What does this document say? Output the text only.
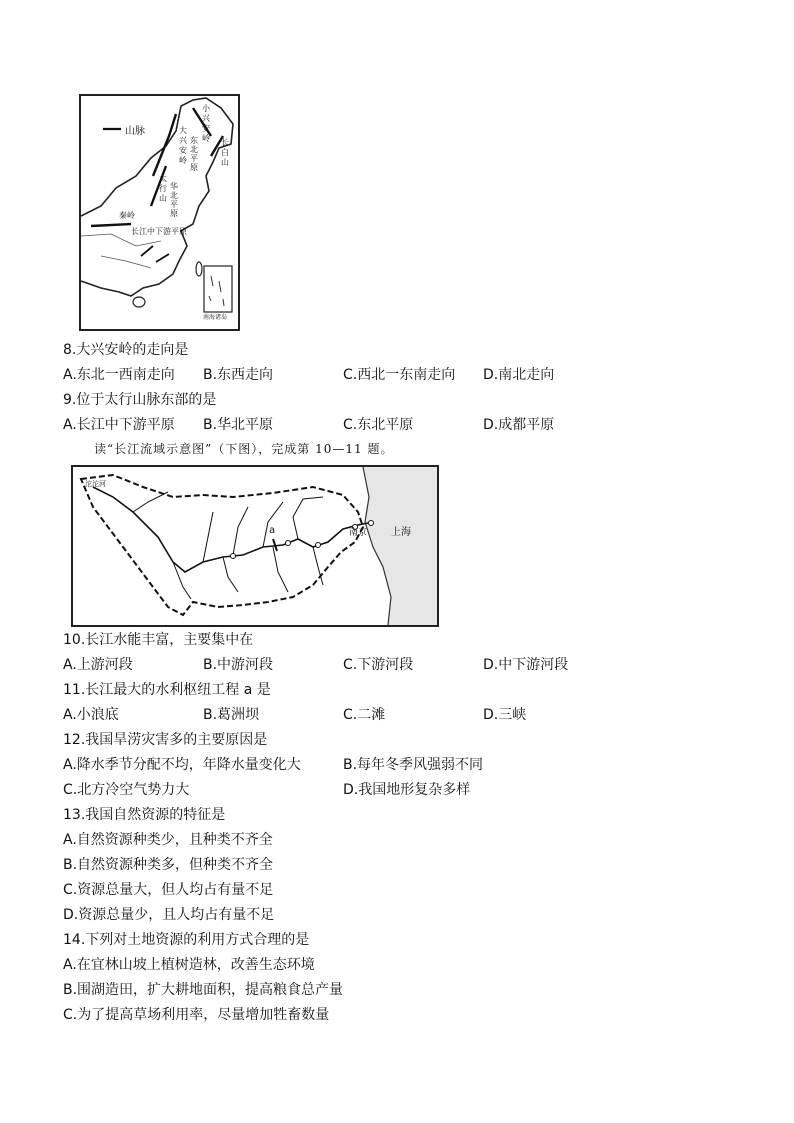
山脉	大兴安岭
小兴安岭
东北平原
长白山
太行山
华北平原
秦岭
长江中下游平原
南海诸岛
8.大兴安岭的走向是
A.东北一西南走向 B.东西走向	C.西北一东南走向 D.南北走向
9.位于太行山脉东部的是
A.长江中下游平原 B.华北平原	C.东北平原	D.成都平原
读“长江流域示意图”（下图），完成第 10—11 题。
沱沱河
a	南京 上海
10.长江水能丰富，主要集中在
A.上游河段	B.中游河段	C.下游河段	D.中下游河段
11.长江最大的水利枢纽工程 a 是
A.小浪底	B.葛洲坝	C.二滩	D.三峡
12.我国旱涝灾害多的主要原因是
A.降水季节分配不均，年降水量变化大	B.每年冬季风强弱不同
C.北方冷空气势力大	D.我国地形复杂多样
13.我国自然资源的特征是
A.自然资源种类少，且种类不齐全
B.自然资源种类多，但种类不齐全
C.资源总量大，但人均占有量不足
D.资源总量少，且人均占有量不足
14.下列对土地资源的利用方式合理的是
A.在宜林山坡上植树造林，改善生态环境
B.围湖造田，扩大耕地面积，提高粮食总产量
C.为了提高草场利用率，尽量增加牲畜数量
